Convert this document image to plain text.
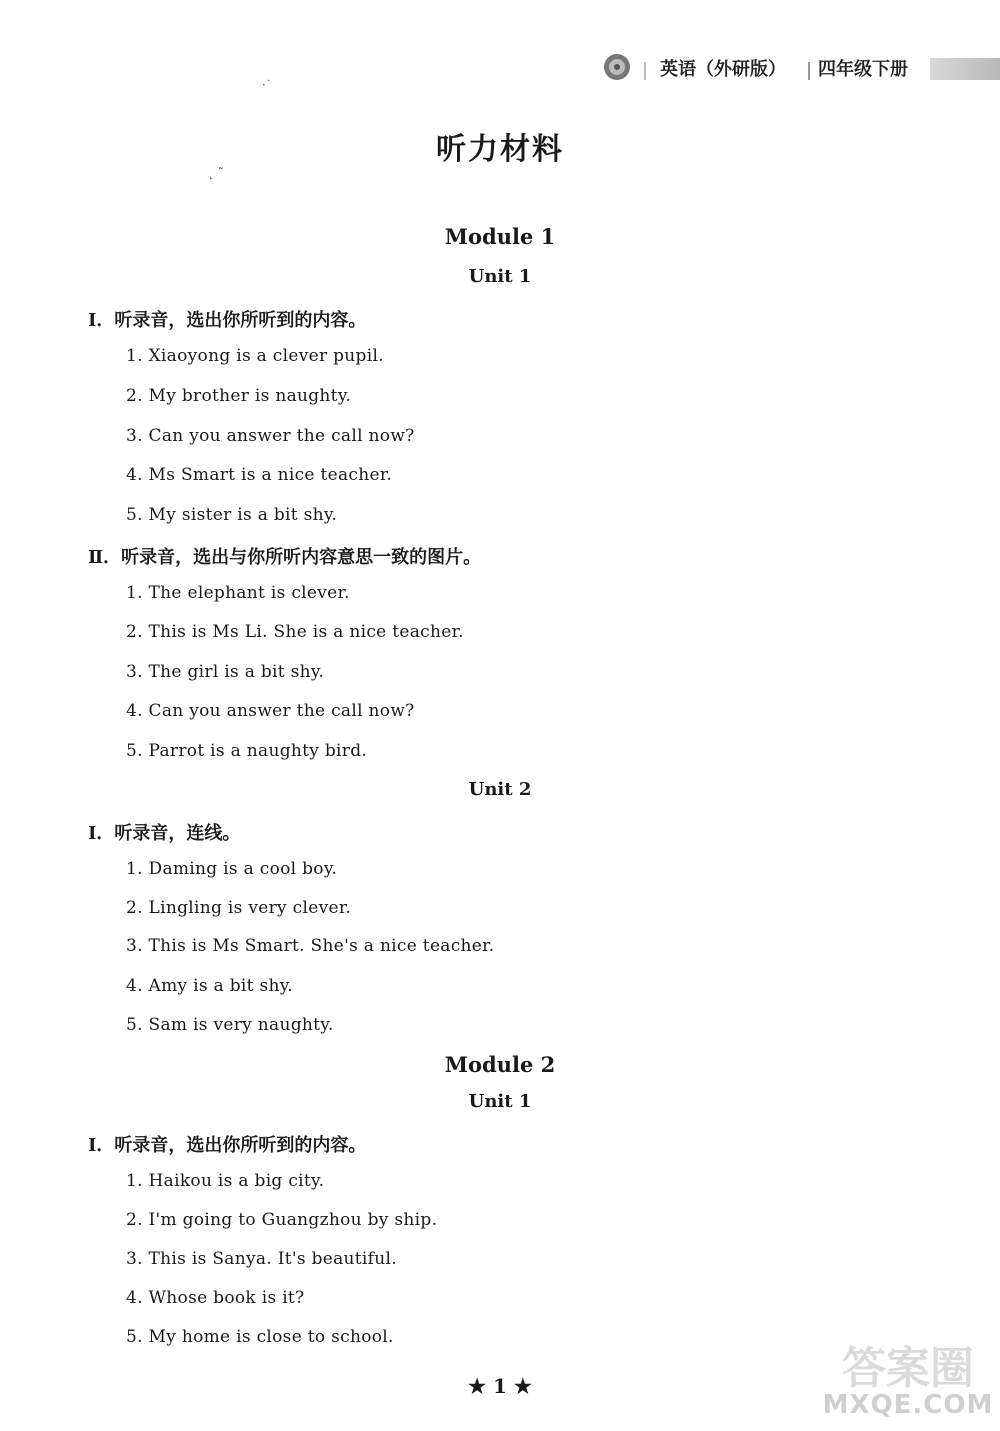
英语（外研版） 四年级下册
·˙
˛ ˜
听力材料
Module 1
Unit 1
Ⅰ．听录音，选出你所听到的内容。
1. Xiaoyong is a clever pupil.
2. My brother is naughty.
3. Can you answer the call now?
4. Ms Smart is a nice teacher.
5. My sister is a bit shy.
Ⅱ．听录音，选出与你所听内容意思一致的图片。
1. The elephant is clever.
2. This is Ms Li. She is a nice teacher.
3. The girl is a bit shy.
4. Can you answer the call now?
5. Parrot is a naughty bird.
Unit 2
Ⅰ．听录音，连线。
1. Daming is a cool boy.
2. Lingling is very clever.
3. This is Ms Smart. She's a nice teacher.
4. Amy is a bit shy.
5. Sam is very naughty.
Module 2
Unit 1
Ⅰ．听录音，选出你所听到的内容。
1. Haikou is a big city.
2. I'm going to Guangzhou by ship.
3. This is Sanya. It's beautiful.
4. Whose book is it?
5. My home is close to school.
★ 1 ★	答案圈
MXQE.COM
